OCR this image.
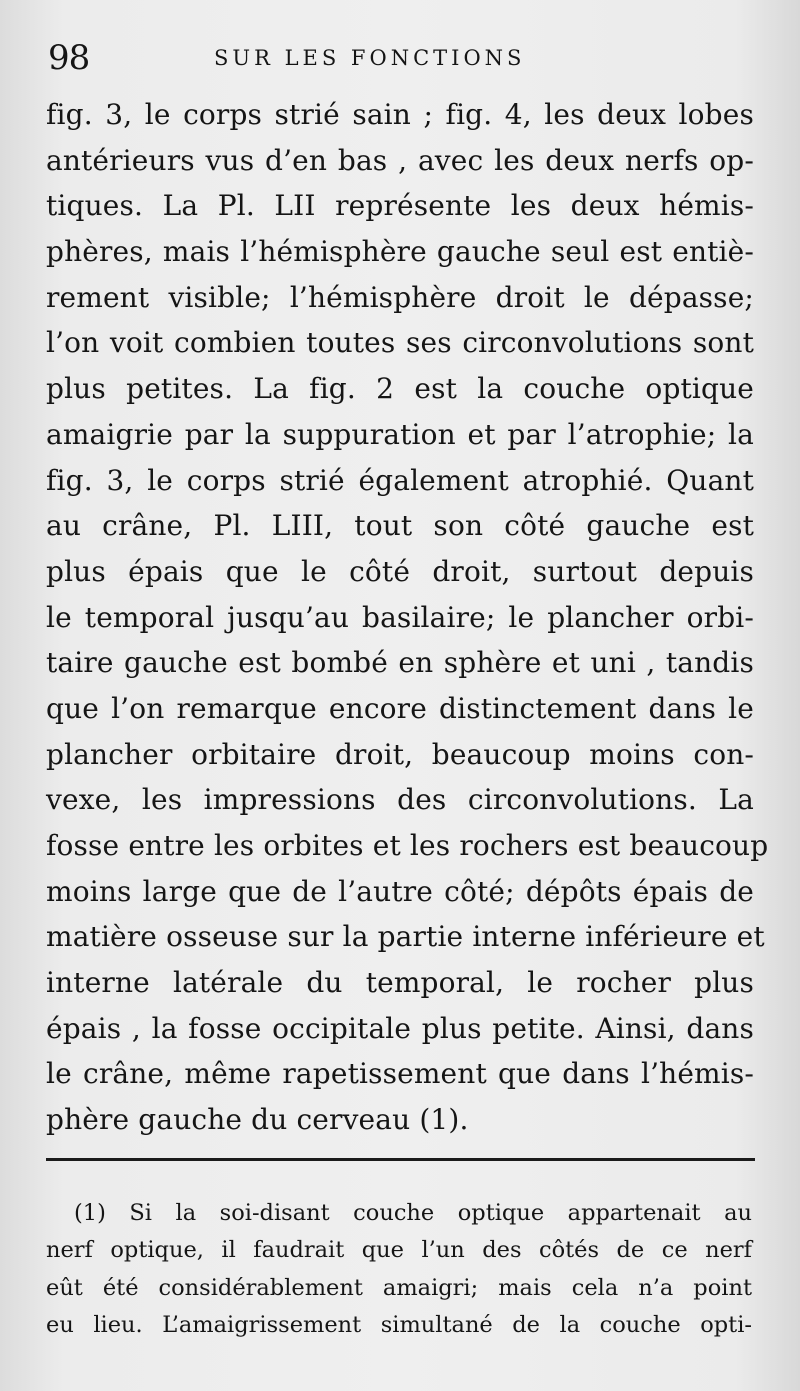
98	SUR LES FONCTIONS
fig. 3, le corps strié sain ; fig. 4, les deux lobes
antérieurs vus d’en bas , avec les deux nerfs op-
tiques. La Pl. LII représente les deux hémis-
phères, mais l’hémisphère gauche seul est entiè-
rement visible; l’hémisphère droit le dépasse;
l’on voit combien toutes ses circonvolutions sont
plus petites. La fig. 2 est la couche optique
amaigrie par la suppuration et par l’atrophie; la
fig. 3, le corps strié également atrophié. Quant
au crâne, Pl. LIII, tout son côté gauche est
plus épais que le côté droit, surtout depuis
le temporal jusqu’au basilaire; le plancher orbi-
taire gauche est bombé en sphère et uni , tandis
que l’on remarque encore distinctement dans le
plancher orbitaire droit, beaucoup moins con-
vexe, les impressions des circonvolutions. La
fosse entre les orbites et les rochers est beaucoup
moins large que de l’autre côté; dépôts épais de
matière osseuse sur la partie interne inférieure et
interne latérale du temporal, le rocher plus
épais , la fosse occipitale plus petite. Ainsi, dans
le crâne, même rapetissement que dans l’hémis-
phère gauche du cerveau (1).
(1) Si la soi-disant couche optique appartenait au
nerf optique, il faudrait que l’un des côtés de ce nerf
eût été considérablement amaigri; mais cela n’a point
eu lieu. L’amaigrissement simultané de la couche opti-
